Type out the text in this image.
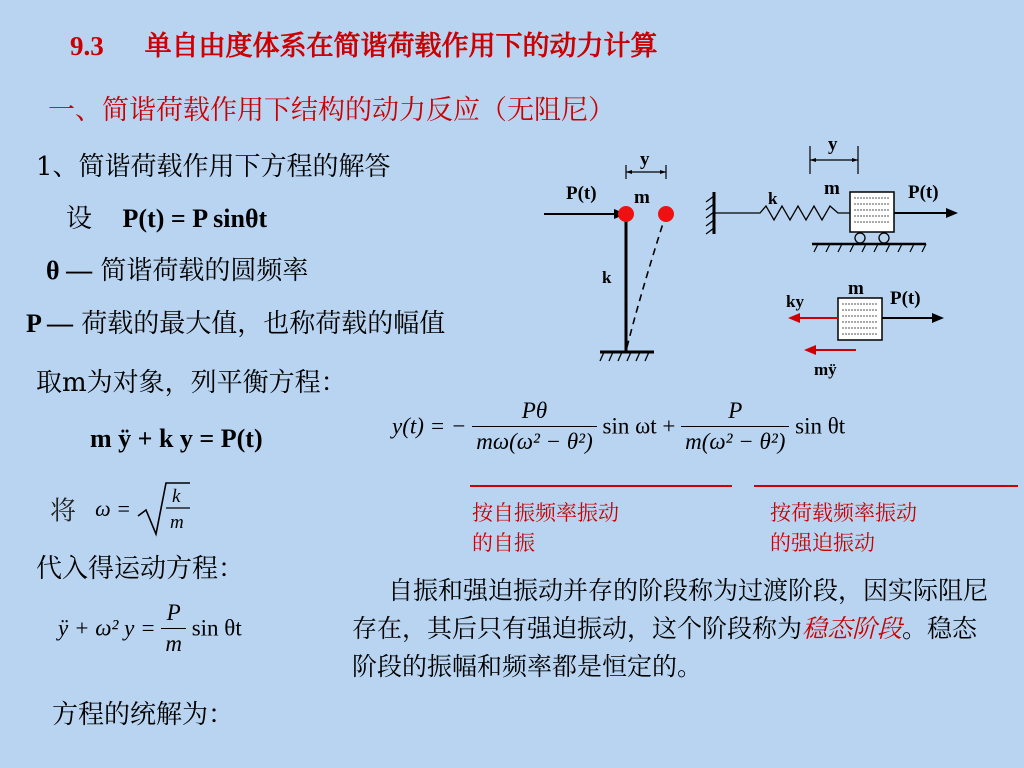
9.3 单自由度体系在简谐荷载作用下的动力计算
一、简谐荷载作用下结构的动力反应（无阻尼）
1、简谐荷载作用下方程的解答
设 P(t) = P sinθt
θ — 简谐荷载的圆频率
P — 荷载的最大值，也称荷载的幅值
取m为对象，列平衡方程：
m ÿ + k y = P(t)
将 ω = k
m
代入得运动方程：
ÿ + ω² $y = \frac{P}{m}$ sin θt
方程的统解为：
y(t) = − $\frac{P\theta}{\text{mω(ω² − θ²)}}$ $\sin \omega t + \frac{P}{\text{m(ω² − θ²)}}$ sin θt
按自振频率振动
的自振
按荷载频率振动
的强迫振动
自振和强迫振动并存的阶段称为过渡阶段，因实际阻尼存在，其后只有强迫振动，这个阶段称为稳态阶段。稳态阶段的振幅和频率都是恒定的。
y
P(t) m
k
y
k m	P(t)
m P(t)
ky
mÿ
